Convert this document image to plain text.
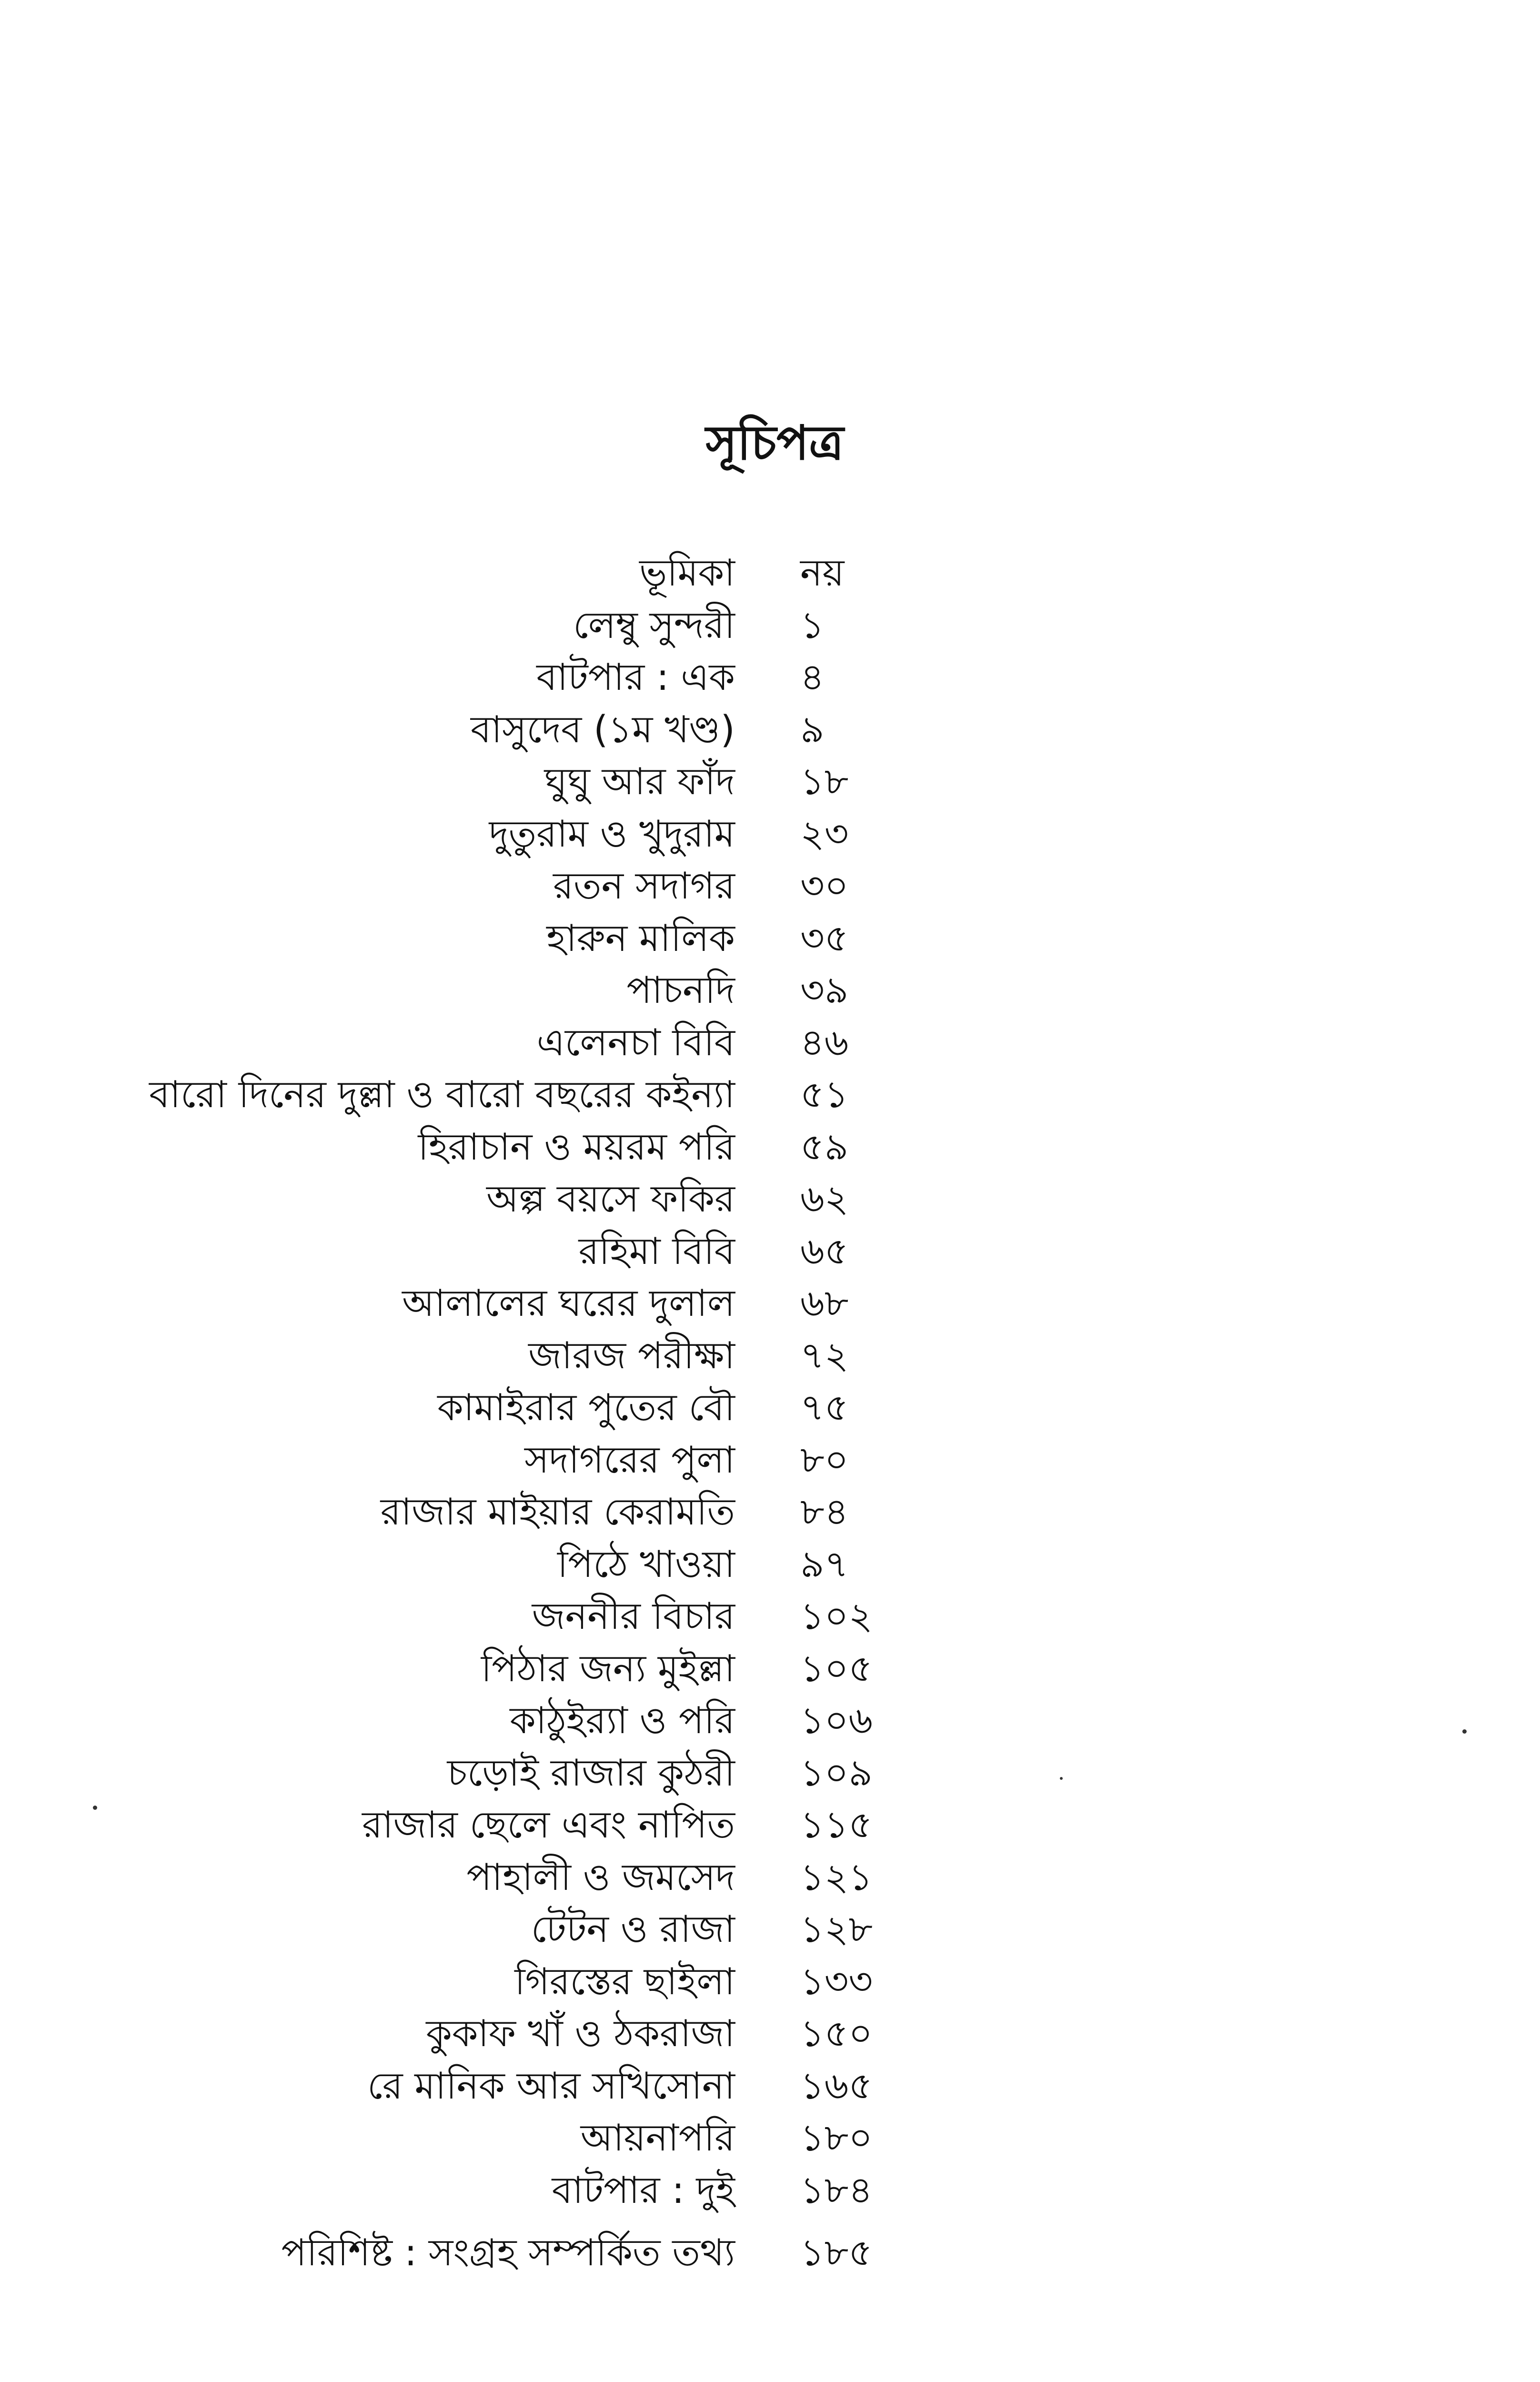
সূচিপত্র
ভূমিকা নয়
লেম্বু সুন্দরী ১
বাটপার : এক ৪
বাসুদেব (১ম খণ্ড) ৯
ঘুঘু আর ফাঁদ ১৮
দুতুরাম ও খুদুরাম ২৩
রতন সদাগর ৩০
হারুন মালিক ৩৫
পাচনদি ৩৯
এলেনচা বিবি ৪৬
বারো দিনের দুল্লা ও বারো বছরের কইন্যা ৫১
হিরাচান ও ময়রম পরি ৫৯
অল্প বয়সে ফকির ৬২
রহিমা বিবি ৬৫
আলালের ঘরের দুলাল ৬৮
জারজ পরীক্ষা ৭২
কামাইরার পুতের বৌ ৭৫
সদাগরের পুলা ৮০
রাজার মাইয়ার কেরামতি ৮৪
পিঠে খাওয়া ৯৭
জননীর বিচার ১০২
পিঠার জন্য মুইল্লা ১০৫
কাঠুইর‍্যা ও পরি ১০৬
চড়োই রাজার কুঠরী ১০৯
রাজার ছেলে এবং নাপিত ১১৫
পাহালী ও জমসেদ ১২১
টেটন ও রাজা ১২৮
গিরস্তের ছাইলা ১৩৩
কুকাফ খাঁ ও ঠকরাজা ১৫০
রে মানিক আর সখিসোনা ১৬৫
আয়নাপরি ১৮০
বাটপার : দুই ১৮৪
পরিশিষ্ট : সংগ্রহ সম্পর্কিত তথ্য ১৮৫
